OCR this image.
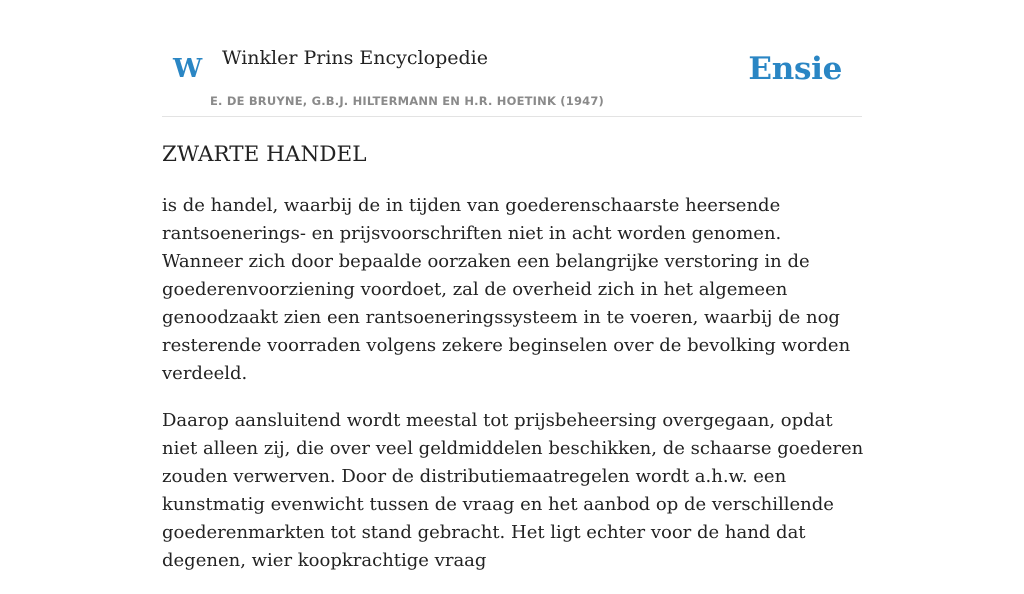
W Winkler Prins Encyclopedie
E. DE BRUYNE, G.B.J. HILTERMANN EN H.R. HOETINK (1947)
Ensie
ZWARTE HANDEL

is de handel, waarbij de in tijden van goederenschaarste heersende rantsoenerings- en prijsvoorschriften niet in acht worden genomen. Wanneer zich door bepaalde oorzaken een belangrijke verstoring in de goederenvoorziening voordoet, zal de overheid zich in het algemeen genoodzaakt zien een rantsoeneringssysteem in te voeren, waarbij de nog resterende voorraden volgens zekere beginselen over de bevolking worden verdeeld.

Daarop aansluitend wordt meestal tot prijsbeheersing overgegaan, opdat niet alleen zij, die over veel geldmiddelen beschikken, de schaarse goederen zouden verwerven. Door de distributiemaatregelen wordt a.h.w. een kunstmatig evenwicht tussen de vraag en het aanbod op de verschillende goederenmarkten tot stand gebracht. Het ligt echter voor de hand dat degenen, wier koopkrachtige vraag
